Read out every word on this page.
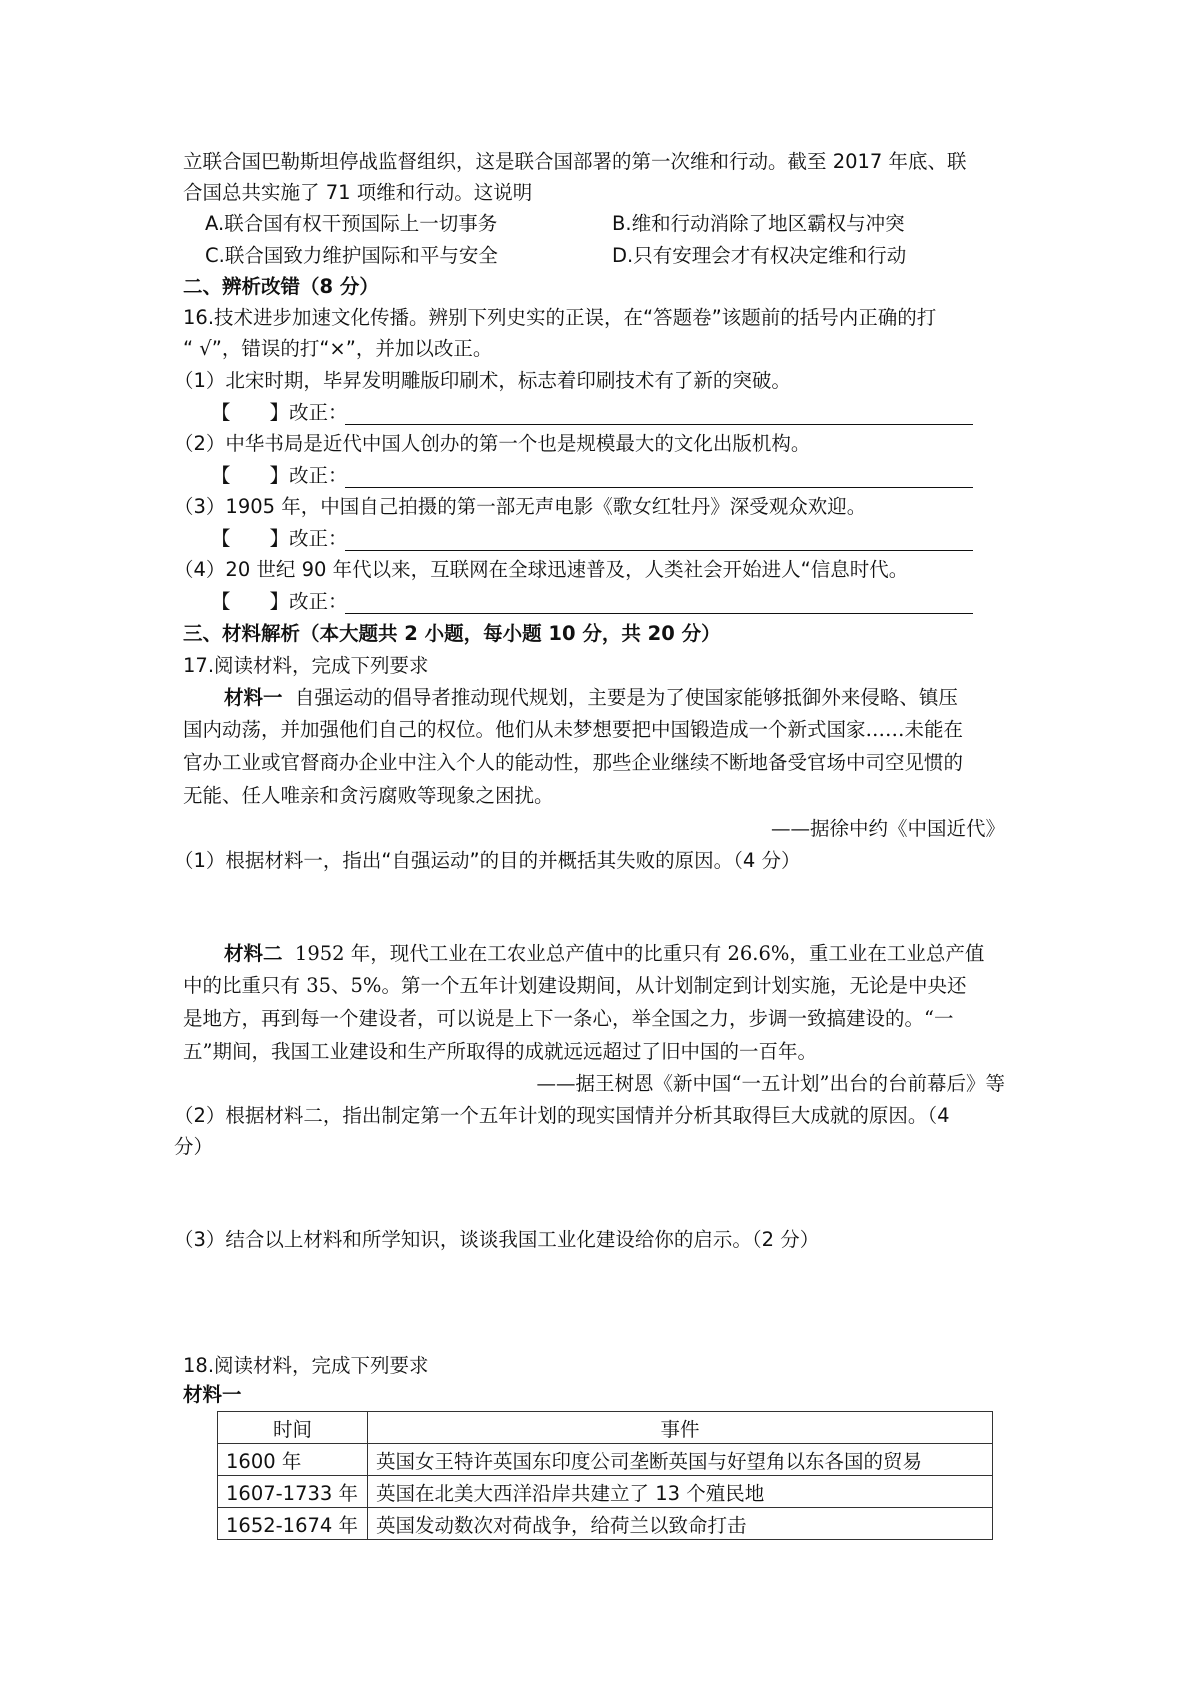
立联合国巴勒斯坦停战监督组织，这是联合国部署的第一次维和行动。截至 2017 年底、联
合国总共实施了 71 项维和行动。这说明
A.联合国有权干预国际上一切事务	B.维和行动消除了地区霸权与冲突
C.联合国致力维护国际和平与安全	D.只有安理会才有权决定维和行动
二、辨析改错（8 分）
16.技术进步加速文化传播。辨别下列史实的正误，在“答题卷”该题前的括号内正确的打
“ √”，错误的打“×”，并加以改正。
（1）北宋时期，毕昇发明雕版印刷术，标志着印刷技术有了新的突破。
【　　】改正：
（2）中华书局是近代中国人创办的第一个也是规模最大的文化出版机构。
【　　】改正：
（3）1905 年，中国自己拍摄的第一部无声电影《歌女红牡丹》深受观众欢迎。
【　　】改正：
（4）20 世纪 90 年代以来，互联网在全球迅速普及，人类社会开始进人“信息时代。
【　　】改正：
三、材料解析（本大题共 2 小题，每小题 10 分，共 20 分）
17.阅读材料，完成下列要求
材料一 自强运动的倡导者推动现代规划，主要是为了使国家能够抵御外来侵略、镇压
国内动荡，并加强他们自己的权位。他们从未梦想要把中国锻造成一个新式国家……未能在
官办工业或官督商办企业中注入个人的能动性，那些企业继续不断地备受官场中司空见惯的
无能、任人唯亲和贪污腐败等现象之困扰。
——据徐中约《中国近代》
（1）根据材料一，指出“自强运动”的目的并概括其失败的原因。（4 分）
材料二 1952 年，现代工业在工农业总产值中的比重只有 26.6%，重工业在工业总产值
中的比重只有 35、5%。第一个五年计划建设期间，从计划制定到计划实施，无论是中央还
是地方，再到每一个建设者，可以说是上下一条心，举全国之力，步调一致搞建设的。“一
五”期间，我国工业建设和生产所取得的成就远远超过了旧中国的一百年。
——据王树恩《新中国“一五计划”出台的台前幕后》等
（2）根据材料二，指出制定第一个五年计划的现实国情并分析其取得巨大成就的原因。（4
分）
（3）结合以上材料和所学知识，谈谈我国工业化建设给你的启示。（2 分）
18.阅读材料，完成下列要求
材料一
时间	事件
1600 年	英国女王特许英国东印度公司垄断英国与好望角以东各国的贸易
1607-1733 年	英国在北美大西洋沿岸共建立了 13 个殖民地
1652-1674 年	英国发动数次对荷战争，给荷兰以致命打击
